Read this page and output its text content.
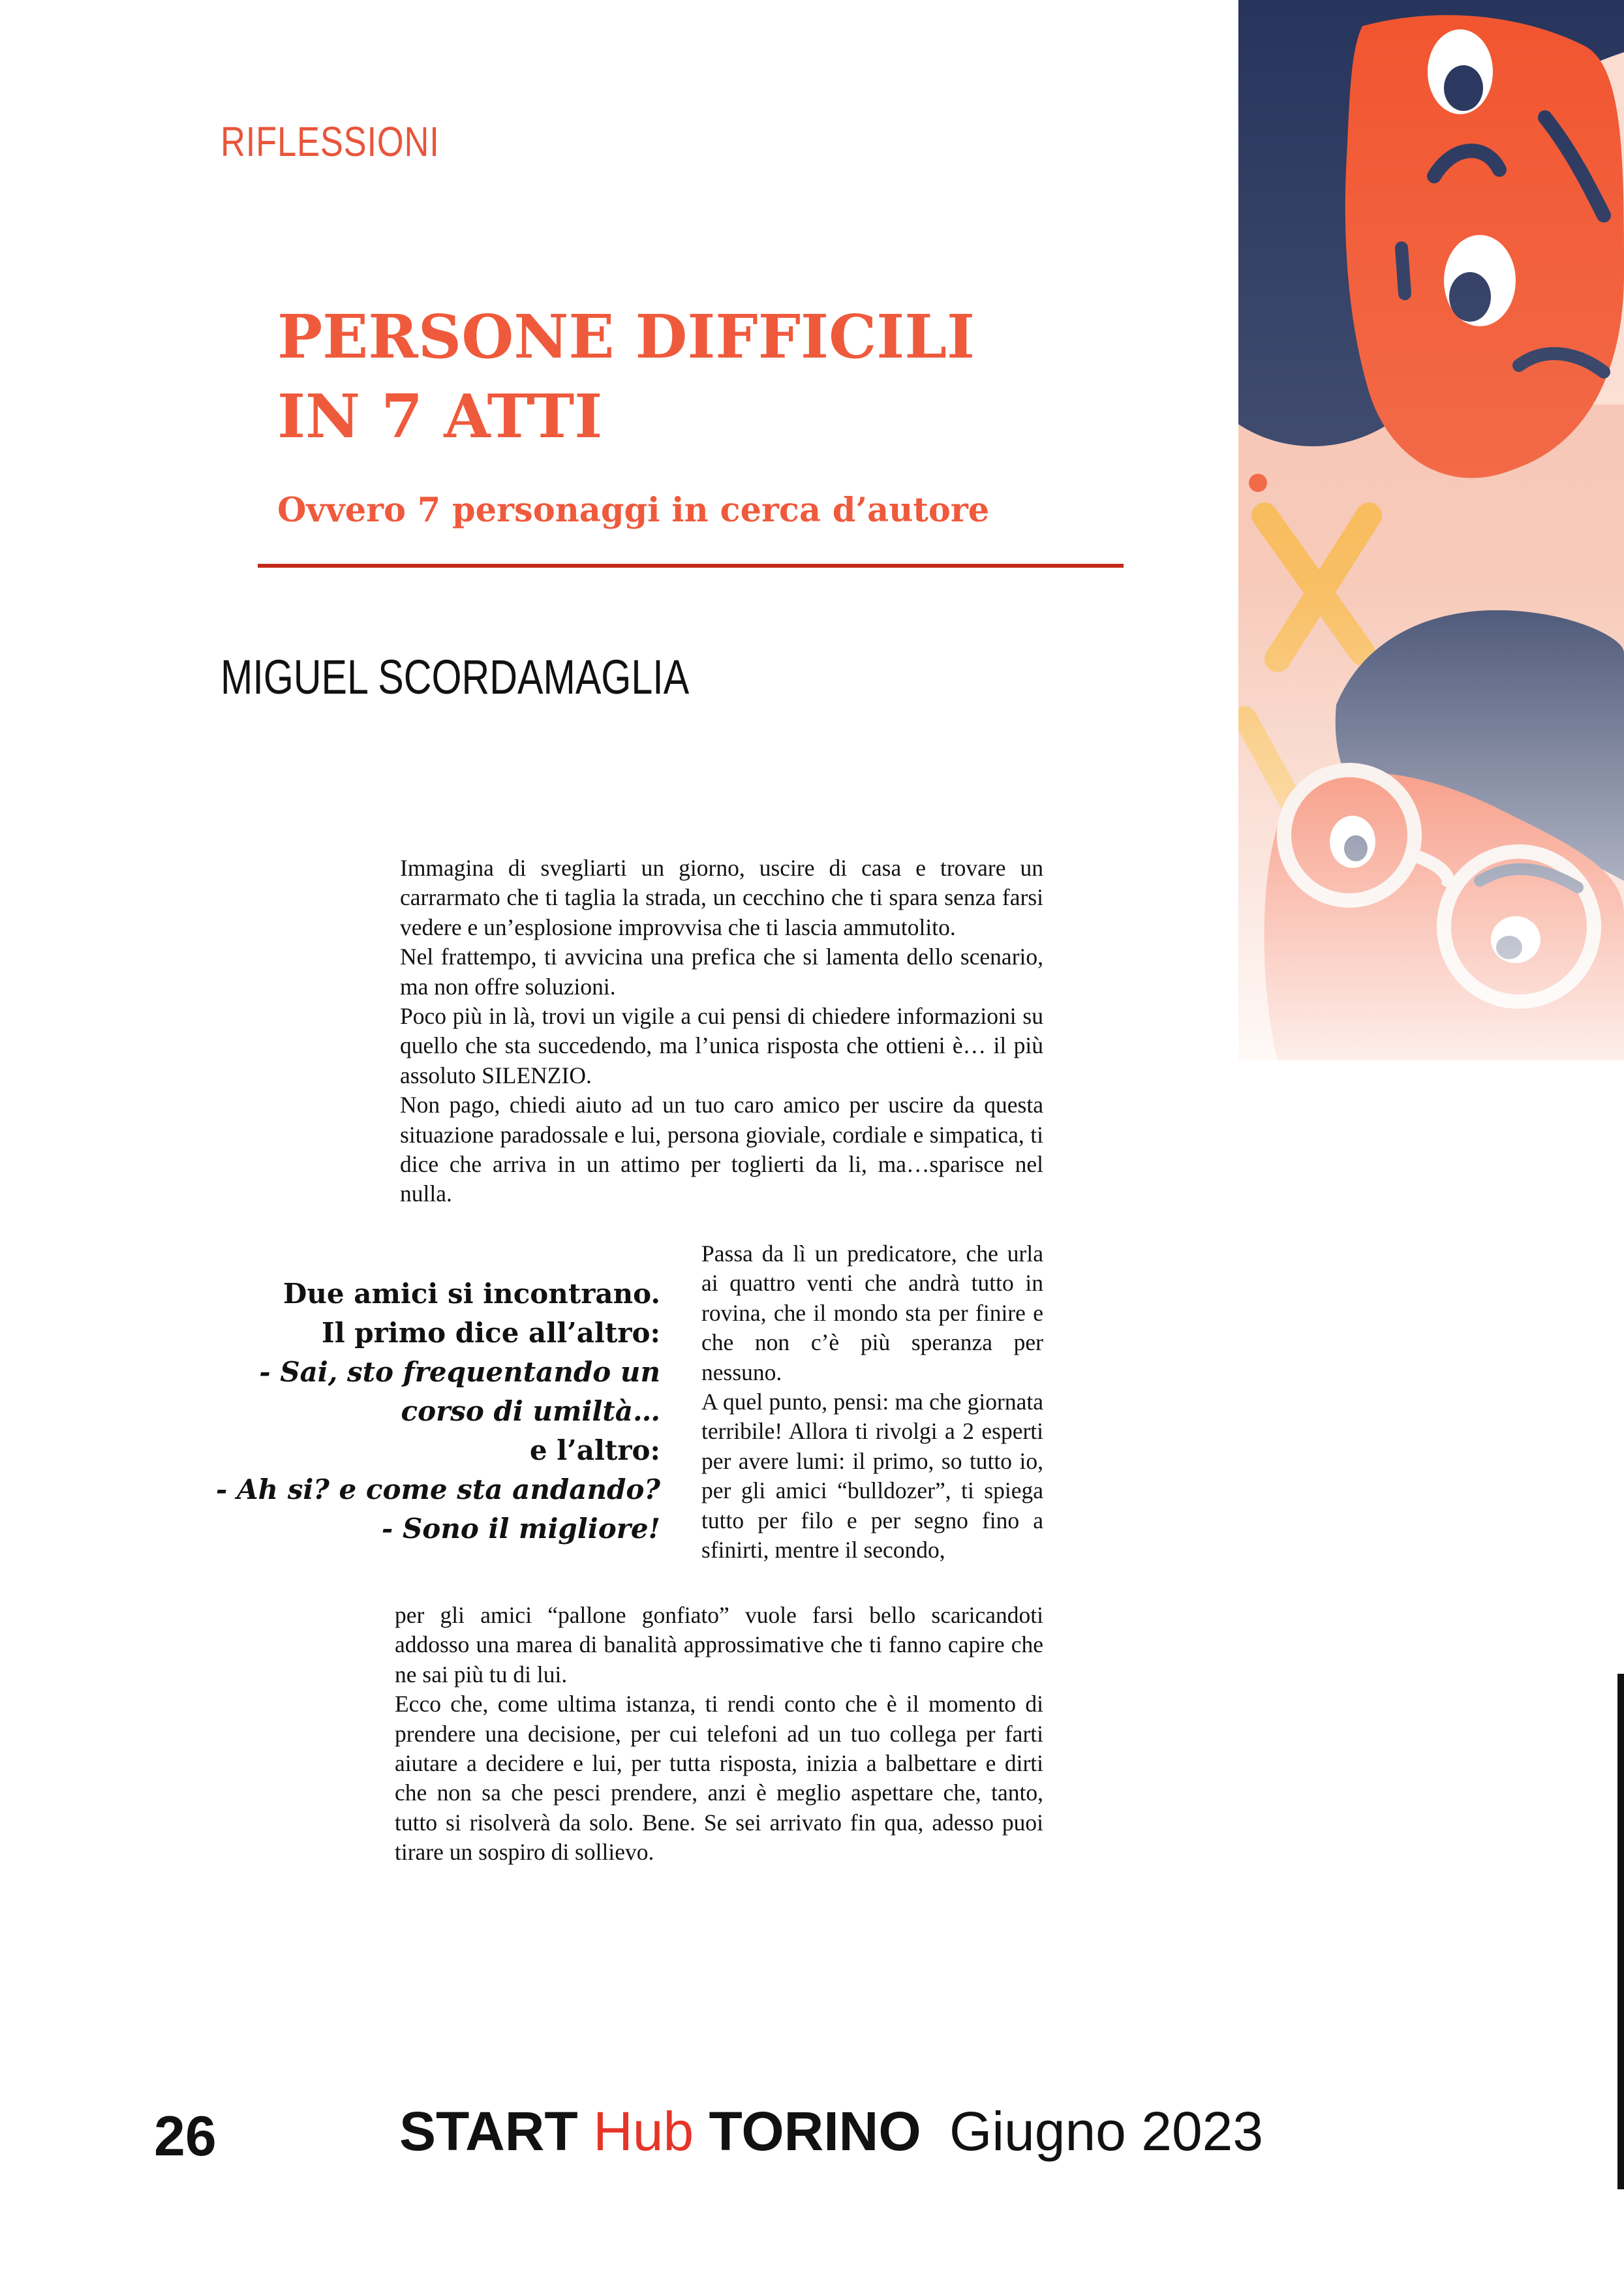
RIFLESSIONI
PERSONE DIFFICILI
IN 7 ATTI
Ovvero 7 personaggi in cerca d’autore
MIGUEL SCORDAMAGLIA

Immagina di svegliarti un giorno, uscire di casa e trovare un carrarmato che ti taglia la strada, un cecchino che ti spara senza farsi vedere e un’esplosione improvvisa che ti lascia ammutolito.

Nel frattempo, ti avvicina una prefica che si lamenta dello scenario, ma non offre soluzioni.

Poco più in là, trovi un vigile a cui pensi di chiedere informazioni su quello che sta succedendo, ma l’unica risposta che ottieni è… il più assoluto SILENZIO.

Non pago, chiedi aiuto ad un tuo caro amico per uscire da questa situazione paradossale e lui, persona gioviale, cordiale e simpatica, ti dice che arriva in un attimo per toglierti da li, ma…sparisce nel nulla.

Due amici si incontrano.
Il primo dice all’altro:
- Sai, sto frequentando un
corso di umiltà…
e l’altro:
- Ah si? e come sta andando?
- Sono il migliore!

Passa da lì un predicatore, che urla ai quattro venti che andrà tutto in rovina, che il mondo sta per finire e che non c’è più speranza per nessuno.

A quel punto, pensi: ma che giornata terribile! Allora ti rivolgi a 2 esperti per avere lumi: il primo, so tutto io, per gli amici “bulldozer”, ti spiega tutto per filo e per segno fino a sfinirti, mentre il secondo,

per gli amici “pallone gonfiato” vuole farsi bello scaricandoti addosso una marea di banalità approssimative che ti fanno capire che ne sai più tu di lui.

Ecco che, come ultima istanza, ti rendi conto che è il momento di prendere una decisione, per cui telefoni ad un tuo collega per farti aiutare a decidere e lui, per tutta risposta, inizia a balbettare e dirti che non sa che pesci prendere, anzi è meglio aspettare che, tanto, tutto si risolverà da solo. Bene. Se sei arrivato fin qua, adesso puoi tirare un sospiro di sollievo.

26	START Hub TORINO Giugno 2023
